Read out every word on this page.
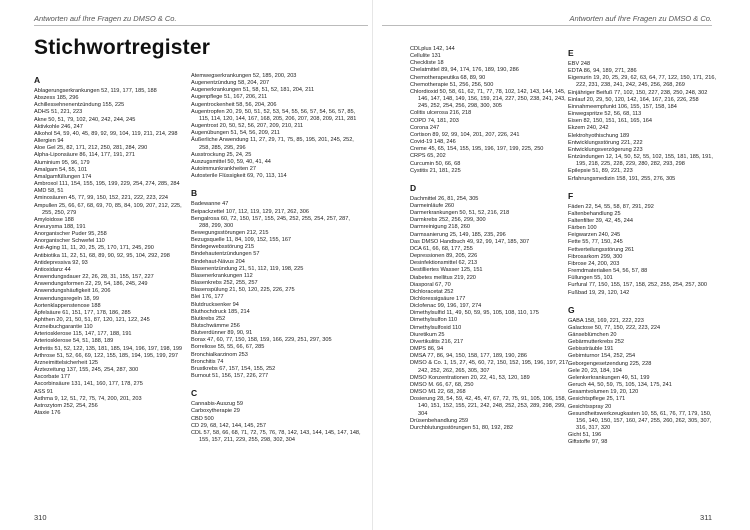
Antworten auf Ihre Fragen zu DMSO & Co.
Stichwortregister
A
Ablagerungserkrankungen 52, 119, 177, 185, 188
Abszess 185, 296
Achillessehnenentzündung 155, 225
ADHS 51, 221, 223
Akne 50, 51, 79, 102, 240, 242, 244, 245
Aktivkohle 246, 247
Alkohol 54, 59, 40, 45, 89, 92, 99, 104, 119, 211, 214, 298
Allergien 94
Aloe Gel 25, 82, 171, 212, 250, 281, 284, 290
Alpha-Liponsäure 86, 114, 177, 191, 271
Aluminium 95, 96, 179
Amalgam 54, 55, 101
Amalgamfüllungen 174
Ambroxol 111, 154, 155, 195, 199, 229, 254, 274, 285, 284
AMD 58, 51
Aminosäuren 45, 77, 99, 150, 152, 221, 222, 223, 224
Ampullen 25, 66, 67, 68, 69, 70, 85, 84, 109, 207, 212, 225, 255, 250, 279
Amyloidose 188
Aneurysma 188, 191
Anorganischer Puder 95, 258
Anorganischer Schwefel 110
Anti-Aging 11, 11, 20, 25, 25, 170, 171, 245, 290
Antibiotika 11, 22, 51, 68, 89, 90, 92, 95, 104, 292, 298
Antidepressiva 92, 93
Antioxidanz 44
Anwendungsdauer 22, 26, 28, 31, 155, 157, 227
Anwendungsformen 22, 29, 54, 186, 245, 249
Anwendungshäufigkeit 16, 206
Anwendungsregeln 18, 99
Aortenklappenstenose 188
Äpfelsäure 61, 151, 177, 178, 186, 285
Aphthen 20, 21, 50, 51, 87, 120, 121, 122, 245
Arzneibuchgarantie 110
Arteriosklerose 115, 147, 177, 188, 191
Arteriosklerose 54, 51, 188, 189
Arthritis 51, 52, 122, 135, 181, 185, 194, 196, 197, 198, 199
Arthrose 51, 52, 66, 69, 122, 155, 185, 194, 195, 199, 297
Arzneimittelsicherheit 125
Ärztezeitung 137, 155, 245, 254, 287, 300
Ascorbate 177
Ascorbinsäure 131, 141, 160, 177, 178, 275
ASS 91
Asthma 9, 12, 51, 72, 75, 74, 200, 201, 203
Astrozytom 252, 254, 256
Ataxie 176
Atemwegserkrankungen 52, 185, 200, 203
Augenentzündung 58, 204, 207
Augenerkrankungen 51, 58, 51, 52, 181, 204, 211
Augenpflege 51, 167, 206, 211
Augentrockenheit 58, 56, 204, 206
Augentropfen 20, 29, 50, 51, 52, 53, 54, 55, 56, 57, 54, 56, 57, 85, 115, 114, 120, 144, 167, 168, 205, 206, 207, 208, 209, 211, 281
Augentrost 20, 50, 52, 56, 207, 209, 210, 211
Augenübungen 51, 54, 56, 209, 211
Äußerliche Anwendung 11, 27, 29, 71, 75, 85, 195, 201, 245, 252, 258, 285, 295, 296
Ausstrockung 25, 24, 25
Auszugsmittel 50, 59, 40, 41, 44
Autoimmunkrankheiten 27
Autosterile Flüssigkeit 69, 70, 113, 114
B
Badewanne 47
Beipackzettel 107, 112, 119, 129, 217, 262, 306
Bengalrosa 60, 72, 150, 157, 155, 245, 252, 255, 254, 257, 287, 288, 299, 300
Bewegungsstörungen 212, 215
Bezugsquelle 11, 84, 109, 152, 155, 167
Bindegewebsstörung 215
Bindehautentzündungen 57
Bindehaut-Nävus 204
Blasenentzündung 21, 51, 112, 119, 198, 225
Blasenerkrankungen 112
Blasenkrebs 252, 255, 257
Blasenspülung 21, 50, 120, 225, 226, 275
Blei 176, 177
Blutdrucksenker 94
Bluthochdruck 185, 214
Blutkrebs 252
Blutschwämme 256
Blutverdünner 89, 90, 91
Borax 47, 60, 77, 150, 158, 159, 166, 229, 251, 297, 305
Borreliose 55, 55, 66, 67, 285
Bronchialkarzinom 253
Bronchitis 74
Brustkrebs 67, 157, 154, 155, 252
Burnout 51, 156, 157, 226, 277
C
Cannabis-Auszug 59
Carboxytherapie 29
CBD 500
CD 29, 68, 142, 144, 145, 257
CDL 57, 58, 66, 68, 71, 72, 75, 76, 78, 142, 143, 144, 145, 147, 148, 155, 157, 211, 229, 255, 298, 302, 304
310
Antworten auf Ihre Fragen zu DMSO & Co.
CDLplus 142, 144
Cellulite 131
Checkliste 18
Chelatmittel 89, 94, 174, 176, 189, 190, 286
Chemotherapeutika 68, 89, 90
Chemotherapie 51, 256, 256, 500
Chlordioxid 50, 58, 61, 62, 71, 77, 78, 102, 142, 143, 144, 145, 146, 147, 148, 149, 156, 159, 214, 227, 250, 238, 241, 243, 245, 252, 254, 256, 298, 300, 305
Colitis ulcerosa 216, 218
COPD 74, 181, 203
Corona 247
Cortison 89, 92, 99, 104, 201, 207, 226, 241
Covid-19 148, 246
Creme 45, 65, 154, 155, 195, 196, 197, 199, 225, 250
CRPS 65, 202
Curcumin 50, 66, 68
Cystitis 21, 181, 225
D
Dachmittel 26, 81, 254, 305
Darmeinläufe 260
Darmerkrankungen 50, 51, 52, 216, 218
Darmkrebs 252, 256, 299, 300
Darmreinigung 218, 260
Darmsanierung 25, 149, 185, 235, 296
Das DMSO Handbuch 49, 92, 99, 147, 185, 307
DCA 61, 66, 68, 177, 255
Depressionen 89, 205, 226
Desinfektionsmittel 62, 213
Destilliertes Wasser 125, 151
Diabetes mellitus 219, 220
Diasporal 67, 70
Dichloracetat 252
Dichloressigsäure 177
Diclofenac 99, 196, 197, 274
Dimethylsulfid 11, 49, 50, 59, 95, 105, 108, 110, 175
Dimethylsulfon 110
Dimethylsulfoxid 110
Diuretikum 25
Divertikulitis 216, 217
DMPS 86, 94
DMSA 77, 86, 94, 150, 158, 177, 189, 190, 286
DMSO & Co. 1, 15, 27, 45, 60, 72, 150, 152, 195, 196, 197, 217, 242, 252, 262, 265, 305, 307
DMSO Konzentrationen 20, 22, 41, 53, 120, 189
DMSO M. 66, 67, 68, 250
DMSO M1 22, 68, 268
Dosierung 28, 54, 59, 42, 45, 47, 67, 72, 75, 91, 105, 106, 158, 140, 151, 152, 155, 221, 242, 248, 252, 253, 289, 298, 299, 304
Drüsenbehandlung 259
Durchblutungsstörungen 51, 80, 192, 282
E
EBV 248
EDTA 86, 94, 189, 271, 286
Eigenurin 19, 20, 25, 29, 62, 63, 64, 77, 122, 150, 171, 216, 222, 231, 238, 241, 242, 245, 256, 268, 269
Einjähriger Beifuß 77, 102, 150, 227, 238, 250, 248, 302
Einlauf 20, 29, 50, 120, 142, 164, 167, 216, 226, 258
Einnahmeempfunkt 106, 155, 157, 158, 184
Einwegspritze 52, 56, 68, 113
Eisen 82, 150, 151, 161, 165, 164
Ekzem 240, 242
Elektrohyothischung 189
Entwicklungsstörung 221, 222
Entwicklungsverzögerung 223
Entzündungen 12, 14, 50, 52, 55, 102, 155, 181, 185, 191, 195, 218, 225, 228, 229, 280, 282, 293, 298
Epilepsie 51, 89, 221, 223
Erfahrungsmedizin 158, 191, 255, 276, 305
F
Fäden 22, 54, 55, 58, 87, 291, 292
Faltenbehandlung 25
Faltenfilter 39, 42, 45, 244
Färben 100
Feigwarzen 240, 245
Fette 55, 77, 150, 245
Fettverteilungsstörung 261
Fibrosarkom 299, 300
Fibrose 24, 200, 203
Fremdmaterialien 54, 56, 57, 88
Füllungen 55, 101
Furfural 77, 150, 155, 157, 158, 252, 255, 254, 257, 300
Fußbad 19, 29, 120, 142
G
GABA 158, 169, 221, 222, 223
Galactose 50, 77, 150, 222, 223, 224
Gänseblümchen 20
Gebärmutterkrebs 252
Gebissträuble 191
Gebirnturnor 154, 252, 254
Geborgengesetzendung 225, 228
Gele 20, 23, 184, 194
Gelenkerkrankungen 49, 51, 199
Geruch 44, 50, 59, 75, 105, 134, 175, 241
Gesamtvolumen 19, 20, 120
Gesichtspflege 25, 171
Gesichtsspray 20
Gesundheitswerkzeugkasten 10, 55, 61, 76, 77, 179, 150, 156, 140, 150, 157, 160, 247, 255, 260, 262, 305, 307, 316, 317, 320
Gicht 51, 196
Giftstoffe 97, 98
311
